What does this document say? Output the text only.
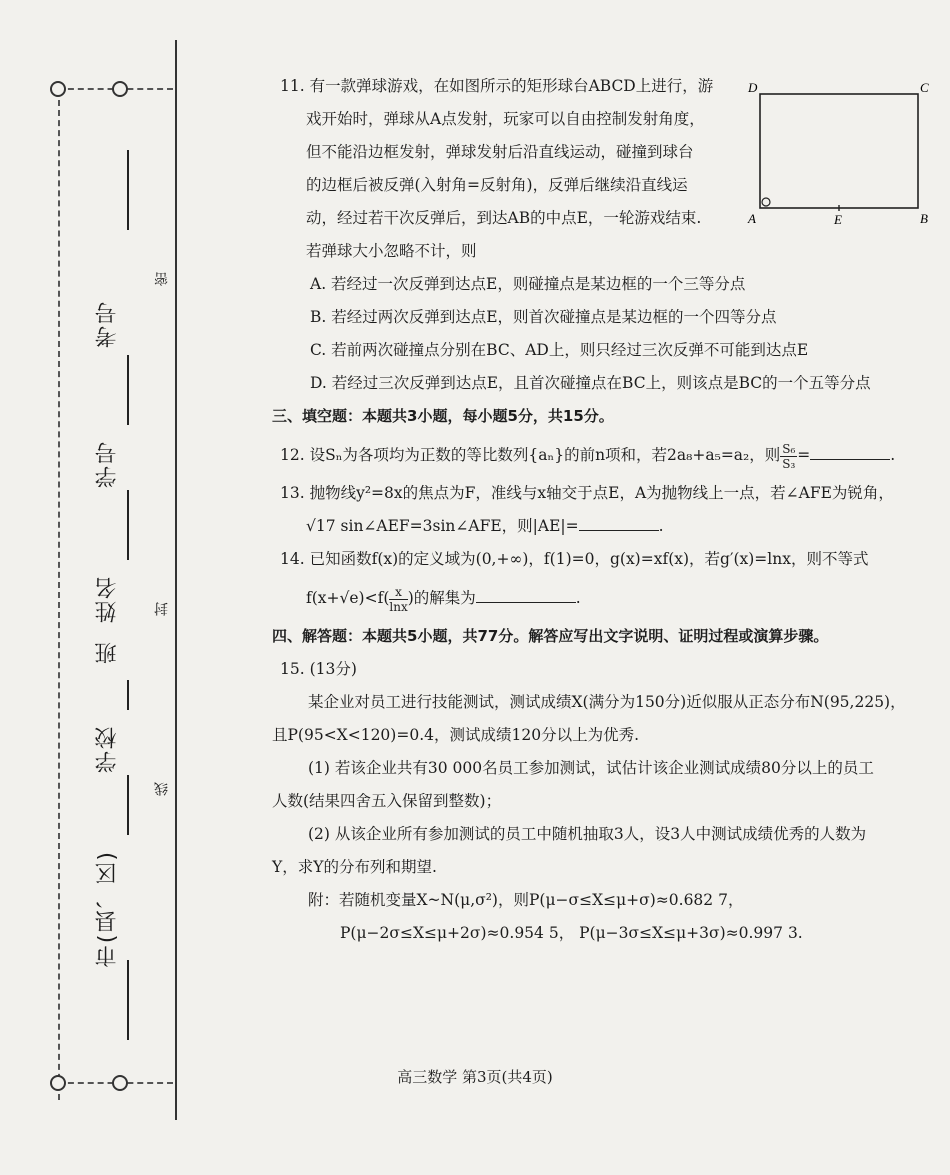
考号
学号
姓名
班
学校
市(县、区)
密
封
线
D	C
A	E	B
11. 有一款弹球游戏，在如图所示的矩形球台ABCD上进行，游
戏开始时，弹球从A点发射，玩家可以自由控制发射角度，
但不能沿边框发射，弹球发射后沿直线运动，碰撞到球台
的边框后被反弹(入射角=反射角)，反弹后继续沿直线运
动，经过若干次反弹后，到达AB的中点E，一轮游戏结束.
若弹球大小忽略不计，则
A. 若经过一次反弹到达点E，则碰撞点是某边框的一个三等分点
B. 若经过两次反弹到达点E，则首次碰撞点是某边框的一个四等分点
C. 若前两次碰撞点分别在BC、AD上，则只经过三次反弹不可能到达点E
D. 若经过三次反弹到达点E，且首次碰撞点在BC上，则该点是BC的一个五等分点
三、填空题：本题共3小题，每小题5分，共15分。
12. 设Sₙ为各项均为正数的等比数列{aₙ}的前n项和，若2a₈+a₅=a₂，则 $\frac{\text{S₆}}{\text{S₃}}$ =	.
13. 抛物线y²=8x的焦点为F，准线与x轴交于点E，A为抛物线上一点，若∠AFE为锐角，
√17 sin∠AEF=3sin∠AFE，则|AE|=	.
14. 已知函数f(x)的定义域为(0,+∞)，f(1)=0，g(x)=xf(x)，若g′(x)=lnx，则不等式
$f(x+√e)<f( \frac{x}{\ln x}$ )的解集为	.
四、解答题：本题共5小题，共77分。解答应写出文字说明、证明过程或演算步骤。
15. (13分)
某企业对员工进行技能测试，测试成绩X(满分为150分)近似服从正态分布N(95,225)，
且P(95<X<120)=0.4，测试成绩120分以上为优秀.
(1) 若该企业共有30 000名员工参加测试，试估计该企业测试成绩80分以上的员工
人数(结果四舍五入保留到整数)；
(2) 从该企业所有参加测试的员工中随机抽取3人，设3人中测试成绩优秀的人数为
Y，求Y的分布列和期望.
附：若随机变量X~N(μ,σ²)，则P(μ−σ≤X≤μ+σ)≈0.682 7，
P(μ−2σ≤X≤μ+2σ)≈0.954 5， P(μ−3σ≤X≤μ+3σ)≈0.997 3.
高三数学 第3页(共4页)
